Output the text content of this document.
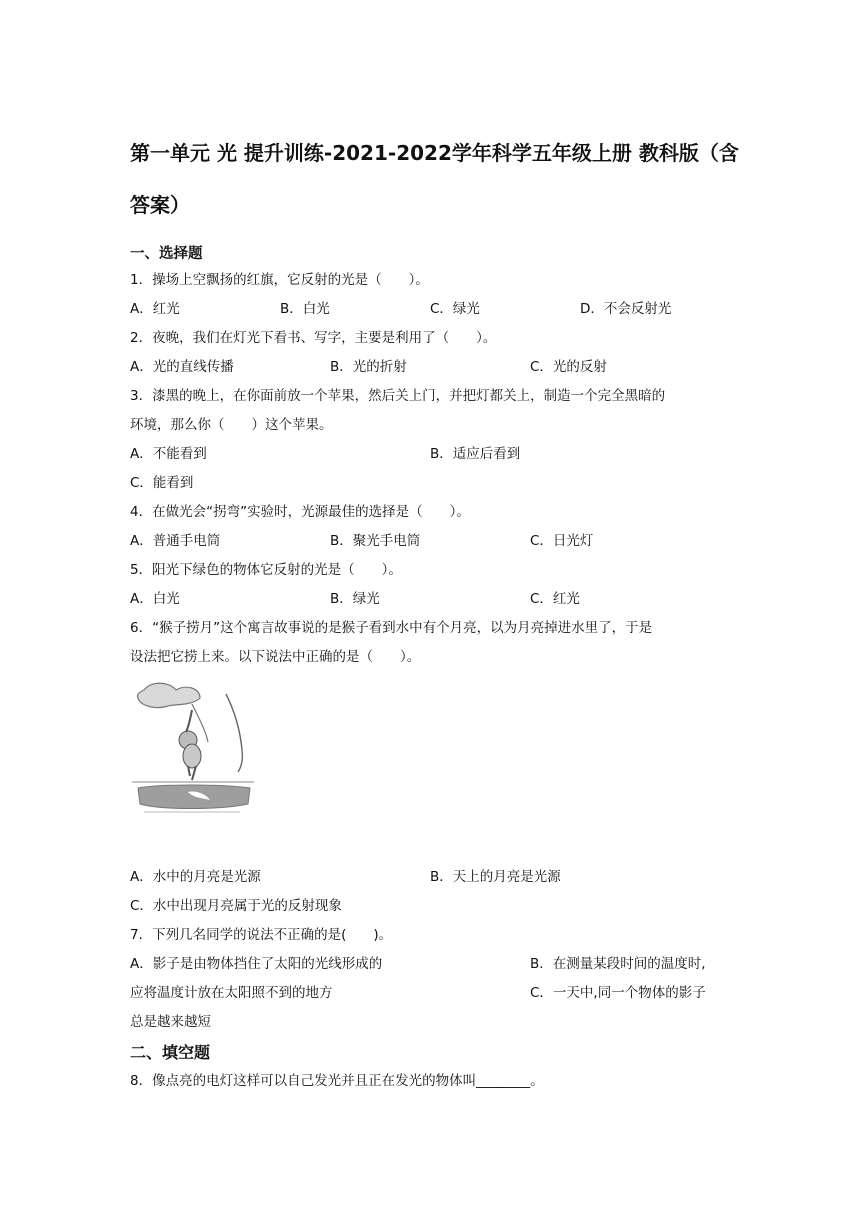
第一单元 光 提升训练-2021-2022学年科学五年级上册 教科版（含
答案）
一、选择题
1．操场上空飘扬的红旗，它反射的光是（　　）。
A．红光	B．白光	C．绿光	D．不会反射光
2．夜晚，我们在灯光下看书、写字，主要是利用了（　　）。
A．光的直线传播	B．光的折射	C．光的反射
3．漆黑的晚上，在你面前放一个苹果，然后关上门，并把灯都关上，制造一个完全黑暗的
环境，那么你（　　）这个苹果。
A．不能看到	B．适应后看到
C．能看到
4．在做光会“拐弯”实验时，光源最佳的选择是（　　）。
A．普通手电筒	B．聚光手电筒	C．日光灯
5．阳光下绿色的物体它反射的光是（　　）。
A．白光	B．绿光	C．红光
6．“猴子捞月”这个寓言故事说的是猴子看到水中有个月亮，以为月亮掉进水里了，于是
设法把它捞上来。以下说法中正确的是（　　）。
A．水中的月亮是光源	B．天上的月亮是光源
C．水中出现月亮属于光的反射现象
7．下列几名同学的说法不正确的是(　　)。
A．影子是由物体挡住了太阳的光线形成的	B．在测量某段时间的温度时,
应将温度计放在太阳照不到的地方	C．一天中,同一个物体的影子
总是越来越短
二、填空题
8．像点亮的电灯这样可以自己发光并且正在发光的物体叫________。
